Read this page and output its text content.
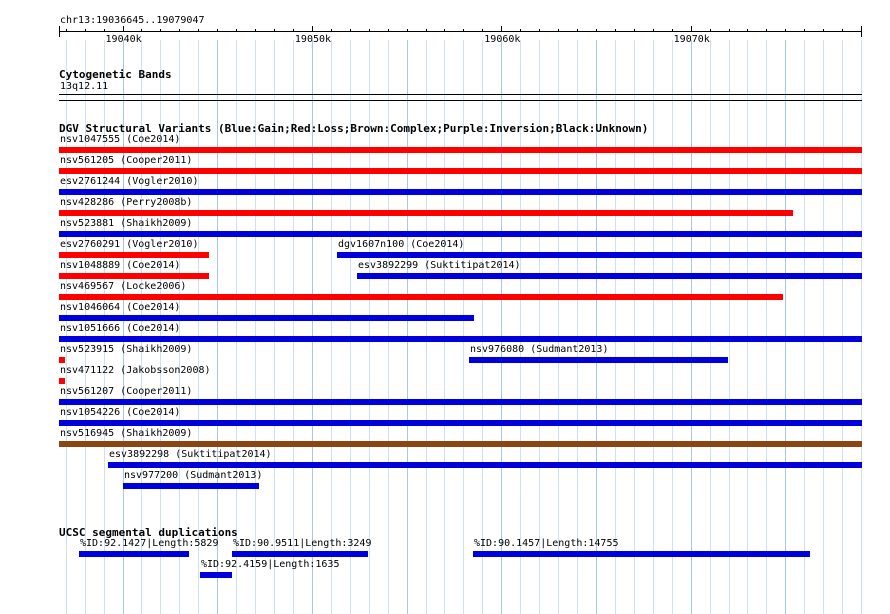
chr13:19036645..19079047
19040k	19050k	19060k	19070k
Cytogenetic Bands
13q12.11
DGV Structural Variants (Blue:Gain;Red:Loss;Brown:Complex;Purple:Inversion;Black:Unknown)
nsv1047555 (Coe2014)
nsv561205 (Cooper2011)
esv2761244 (Vogler2010)
nsv428286 (Perry2008b)
nsv523881 (Shaikh2009)
esv2760291 (Vogler2010)	dgv1607n100 (Coe2014)
nsv1048889 (Coe2014)	esv3892299 (Suktitipat2014)
nsv469567 (Locke2006)
nsv1046064 (Coe2014)
nsv1051666 (Coe2014)
nsv523915 (Shaikh2009)	nsv976080 (Sudmant2013)
nsv471122 (Jakobsson2008)
nsv561207 (Cooper2011)
nsv1054226 (Coe2014)
nsv516945 (Shaikh2009)
esv3892298 (Suktitipat2014)
nsv977200 (Sudmant2013)
UCSC segmental duplications
%ID:92.1427|Length:5829 %ID:90.9511|Length:3249	%ID:90.1457|Length:14755
%ID:92.4159|Length:1635
